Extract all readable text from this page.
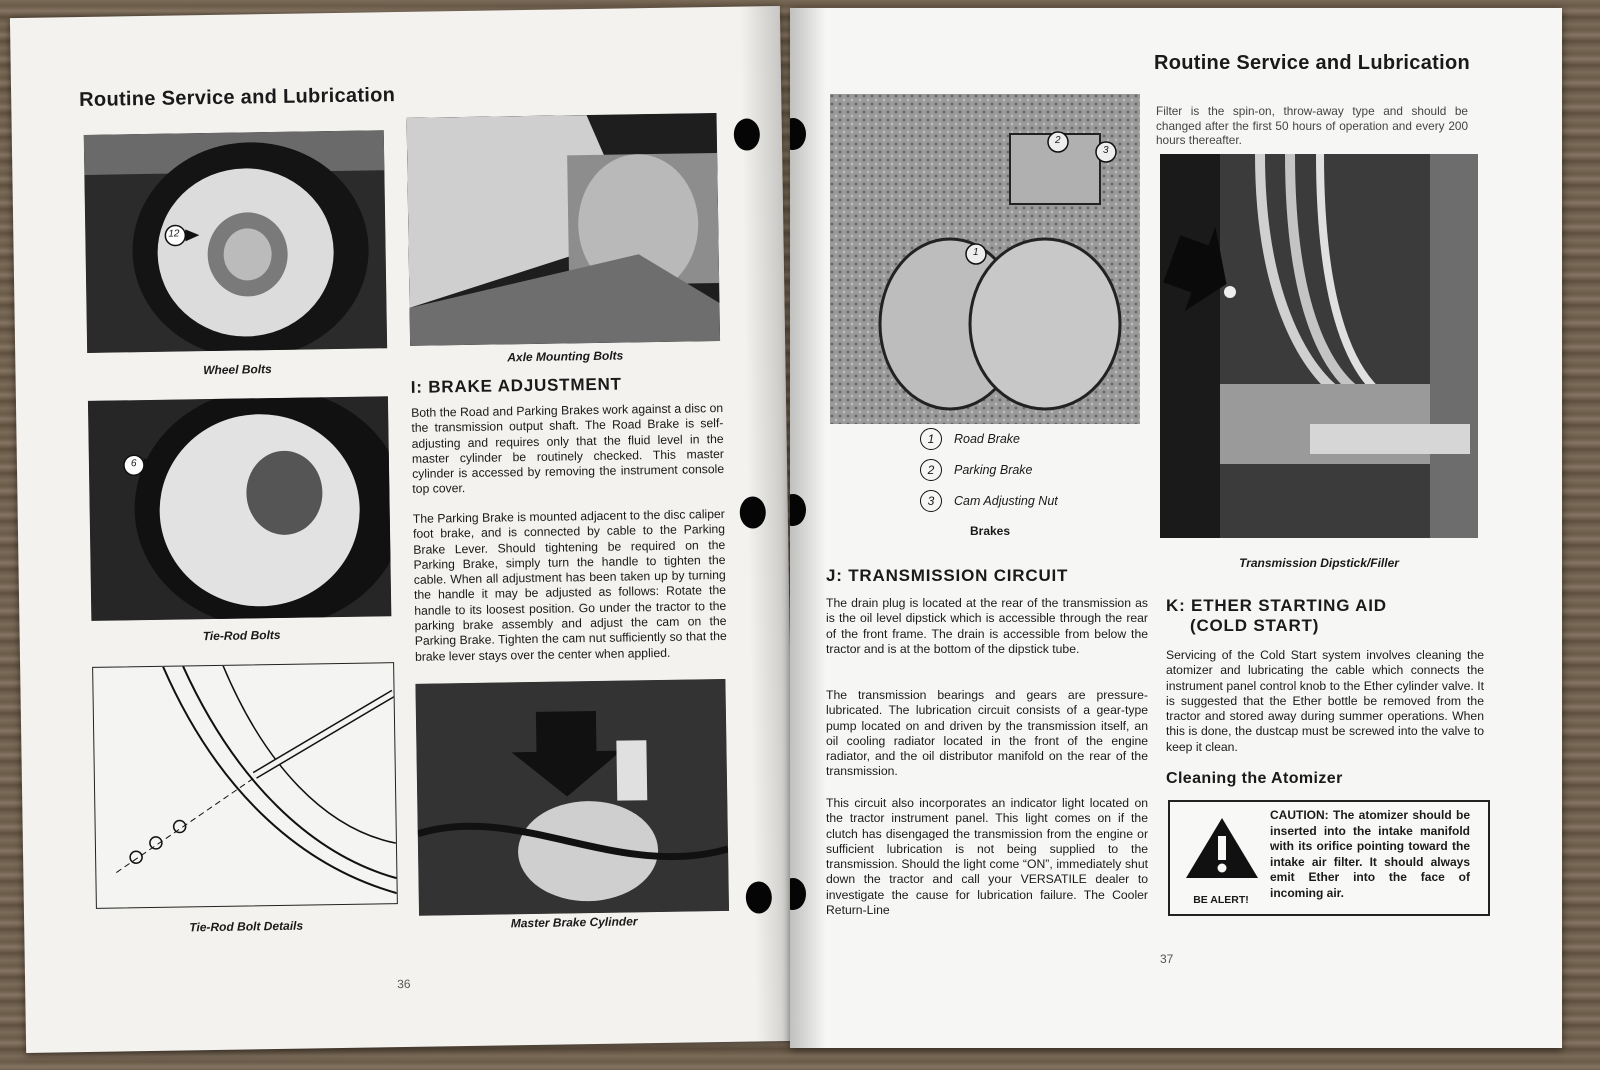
Routine Service and Lubrication
12
Wheel Bolts
Axle Mounting Bolts
I: BRAKE ADJUSTMENT

Both the Road and Parking Brakes work against a disc on the transmission output shaft. The Road Brake is self-adjusting and requires only that the fluid level in the master cylinder be routinely checked. This master cylinder is accessed by removing the instrument console top cover.

The Parking Brake is mounted adjacent to the disc caliper foot brake, and is connected by cable to the Parking Brake Lever. Should tightening be required on the Parking Brake, simply turn the handle to tighten the cable. When all adjustment has been taken up by turning the handle it may be adjusted as follows: Rotate the handle to its loosest position. Go under the tractor to the parking brake assembly and adjust the cam on the Parking Brake. Tighten the cam nut sufficiently so that the brake lever stays over the center when applied.

6
Tie-Rod Bolts
Tie-Rod Bolt Details	Master Brake Cylinder
36
Routine Service and Lubrication
1
2
3
1	Road Brake
2	Parking Brake
3	Cam Adjusting Nut
Brakes

Filter is the spin-on, throw-away type and should be changed after the first 50 hours of operation and every 200 hours thereafter.

Transmission Dipstick/Filler
J: TRANSMISSION CIRCUIT

The drain plug is located at the rear of the transmission as is the oil level dipstick which is accessible through the rear of the front frame. The drain is accessible from below the tractor and is at the bottom of the dipstick tube.

The transmission bearings and gears are pressure-lubricated. The lubrication circuit consists of a gear-type pump located on and driven by the transmission itself, an oil cooling radiator located in the front of the engine radiator, and the oil distributor manifold on the rear of the transmission.

This circuit also incorporates an indicator light located on the tractor instrument panel. This light comes on if the clutch has disengaged the transmission from the engine or sufficient lubrication is not being supplied to the transmission. Should the light come “ON”, immediately shut down the tractor and call your VERSATILE dealer to investigate the cause for lubrication failure. The Cooler Return-Line

K: ETHER STARTING AID
(COLD START)

Servicing of the Cold Start system involves cleaning the atomizer and lubricating the cable which connects the instrument panel control knob to the Ether cylinder valve. It is suggested that the Ether bottle be removed from the tractor and stored away during summer operations. When this is done, the dustcap must be screwed into the valve to keep it clean.

Cleaning the Atomizer
BE ALERT!

CAUTION: The atomizer should be inserted into the intake manifold with its orifice pointing toward the intake air filter. It should always emit Ether into the face of incoming air.

37
